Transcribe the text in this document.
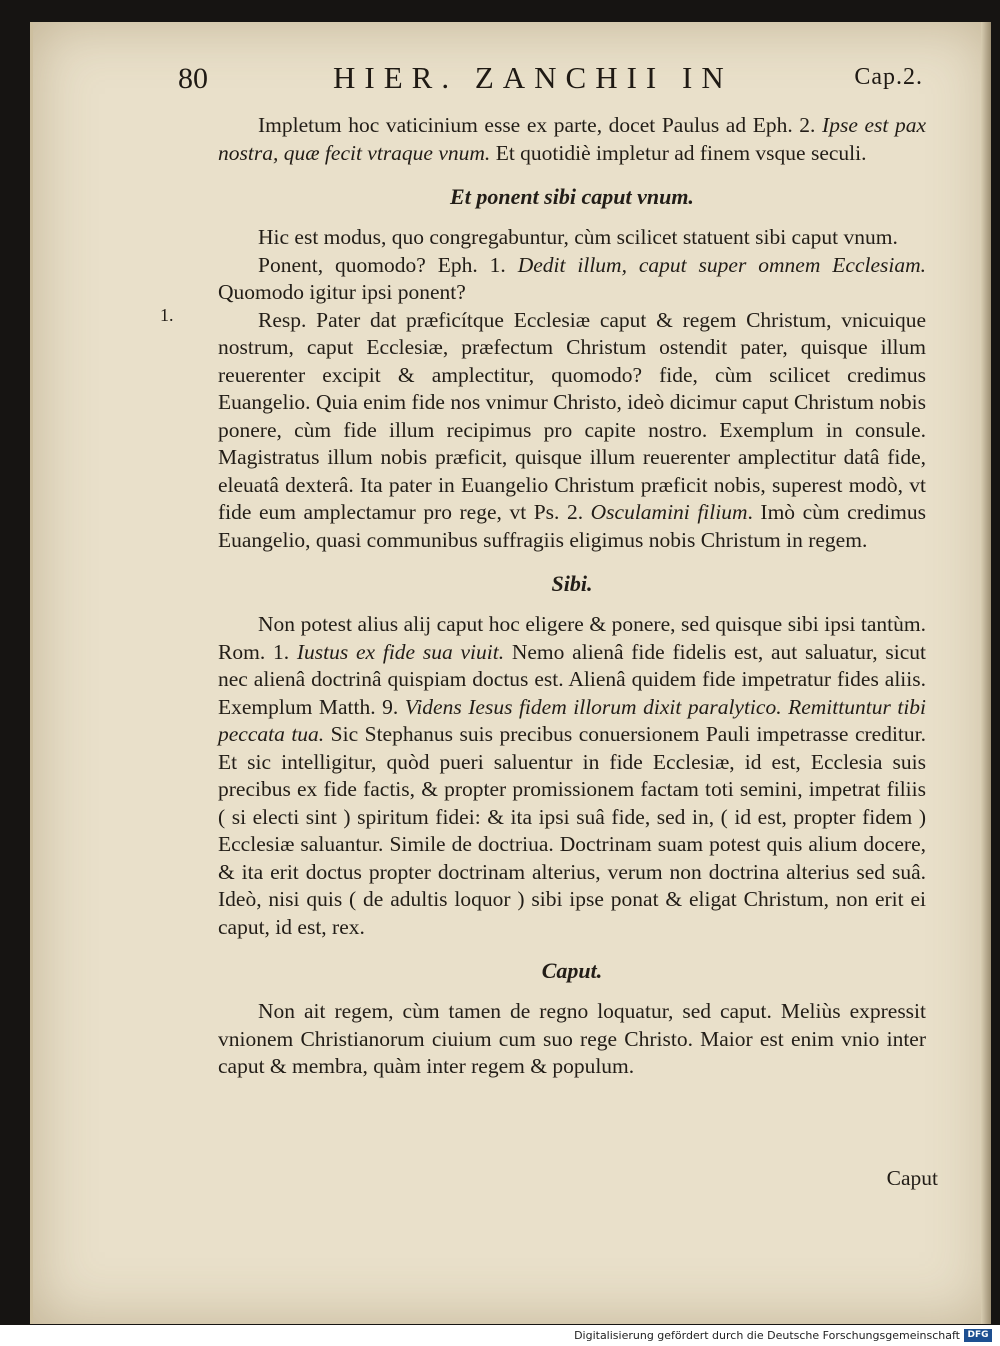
80	HIER. ZANCHII IN	Cap.2.
1.

Impletum hoc vaticinium esse ex parte, docet Paulus ad Eph. 2. Ipse est pax nostra, quæ fecit vtraque vnum. Et quotidiè impletur ad finem vsque seculi.

Et ponent sibi caput vnum.

Hic est modus, quo congregabuntur, cùm scilicet statuent sibi caput vnum.

Ponent, quomodo? Eph. 1. Dedit illum, caput super omnem Ecclesiam. Quomodo igitur ipsi ponent?

Resp. Pater dat præficítque Ecclesiæ caput & regem Christum, vnicuique nostrum, caput Ecclesiæ, præfectum Christum ostendit pater, quisque illum reuerenter excipit & amplectitur, quomodo? fide, cùm scilicet credimus Euangelio. Quia enim fide nos vnimur Christo, ideò dicimur caput Christum nobis ponere, cùm fide illum recipimus pro capite nostro. Exemplum in consule. Magistratus illum nobis præficit, quisque illum reuerenter amplectitur datâ fide, eleuatâ dexterâ. Ita pater in Euangelio Christum præficit nobis, superest modò, vt fide eum amplectamur pro rege, vt Ps. 2. Osculamini filium. Imò cùm credimus Euangelio, quasi communibus suffragiis eligimus nobis Christum in regem.

Sibi.

Non potest alius alij caput hoc eligere & ponere, sed quisque sibi ipsi tantùm. Rom. 1. Iustus ex fide sua viuit. Nemo alienâ fide fidelis est, aut saluatur, sicut nec alienâ doctrinâ quispiam doctus est. Alienâ quidem fide impetratur fides aliis. Exemplum Matth. 9. Videns Iesus fidem illorum dixit paralytico. Remittuntur tibi peccata tua. Sic Stephanus suis precibus conuersionem Pauli impetrasse creditur. Et sic intelligitur, quòd pueri saluentur in fide Ecclesiæ, id est, Ecclesia suis precibus ex fide factis, & propter promissionem factam toti semini, impetrat filiis ( si electi sint ) spiritum fidei: & ita ipsi suâ fide, sed in, ( id est, propter fidem ) Ecclesiæ saluantur. Simile de doctriua. Doctrinam suam potest quis alium docere, & ita erit doctus propter doctrinam alterius, verum non doctrina alterius sed suâ. Ideò, nisi quis ( de adultis loquor ) sibi ipse ponat & eligat Christum, non erit ei caput, id est, rex.

Caput.

Non ait regem, cùm tamen de regno loquatur, sed caput. Meliùs expressit vnionem Christianorum ciuium cum suo rege Christo. Maior est enim vnio inter caput & membra, quàm inter regem & populum.

Caput
Digitalisierung gefördert durch die Deutsche Forschungsgemeinschaft DFG
